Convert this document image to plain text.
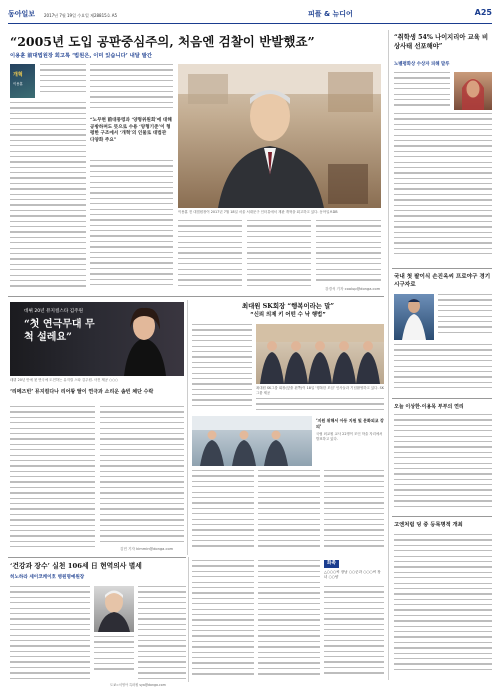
동아일보 2017년 7월 19일 수요일 제28815호 A5	피플 & 뉴디어	A25
“2005년 도입 공판중심주의, 처음엔 검찰이 반발했죠”
이용훈 前대법원장 회고록 ‘법원은, 이미 있습니다’ 내달 발간
개혁
이용훈
“노무현 前대통령과 ‘양형위원회’에 대해 공방하며도 뜻으로 수용 ‘양형기준’이 형평한 구조에서 ‘개혁’의 인물로 대법관 다양화 주요”
이용훈 전 대법원장이 2017년 7월 18일 서울 서대문구 인터뷰에서 재판 개혁을 회고하고 있다. 동아일보DB
강경석 기자 coolup@donga.com
“취학생 54% 나이지리아 교육 비상사태 선포해야”
노벨평화상 수상자 피해 말루
국내 첫 팔이식 손진옥씨 프로야구 경기 시구자로
오늘 이상한·이용목 부부의 연리
고엔처럼 딩 중 등목명적 개최
데뷔 20년 뮤지컬스타 김주원
“첫 연극무대 무척 설레요”
데뷔 20년 만에 첫 연극에 도전하는 뮤지컬 스타 김주원. 사진 제공 ○○○
‘리메즈빈’ 뮤지컬다나 리어왕 딸이 연극과 소리운 솜빈 체단 수락
김민 기자 kimmin@donga.com
최대원 SK회장 “행복이라는 말”
“신뢰 의제 키 어떤 수 낙 행법”
최대원 SK그룹 회장(앞줄 왼쪽)이 18일 ‘행복한 모임’ 인사들과 기념촬영하고 있다. SK그룹 제공
‘지원 위해서 아동 지원 및 문화외교 강의’
국립 외교원 교사 22명이 모인 학술 자리에서 발표하고 있다.
‘건강과 장수’ 실천 106세 日 현역의사 별세
히노하라 세이코케이호 병원명예원장
도쿄=서영아 특파원 sya@donga.com
화촉
△○○○씨 장남 ○○군과 ○○○씨 장녀 ○○양
